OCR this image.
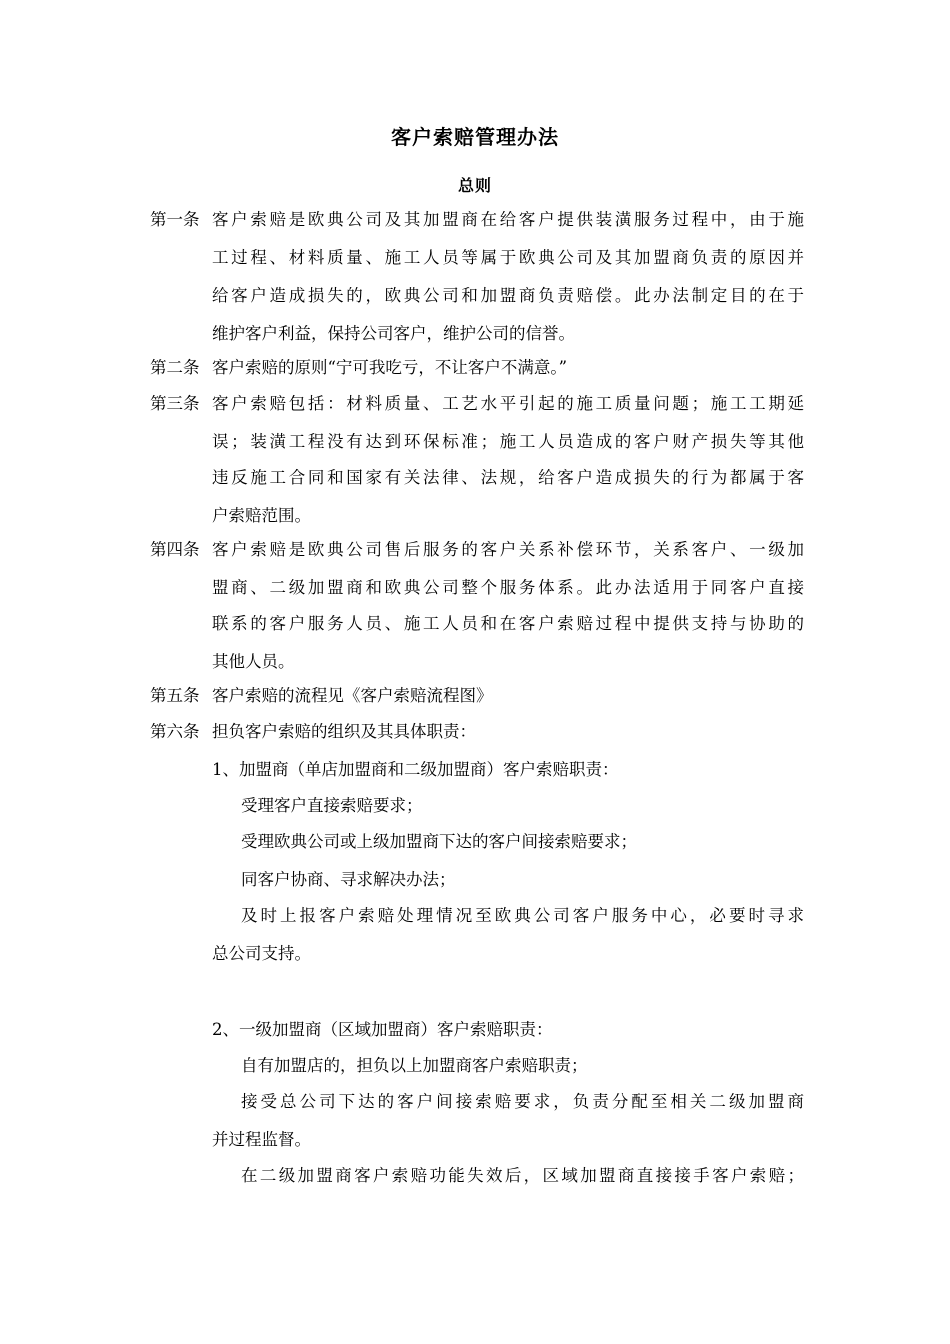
客户索赔管理办法
总则
第一条 客户索赔是欧典公司及其加盟商在给客户提供装潢服务过程中，由于施
工过程、材料质量、施工人员等属于欧典公司及其加盟商负责的原因并
给客户造成损失的，欧典公司和加盟商负责赔偿。此办法制定目的在于
维护客户利益，保持公司客户，维护公司的信誉。
第二条 客户索赔的原则“宁可我吃亏，不让客户不满意。”
第三条 客户索赔包括：材料质量、工艺水平引起的施工质量问题；施工工期延
误；装潢工程没有达到环保标准；施工人员造成的客户财产损失等其他
违反施工合同和国家有关法律、法规，给客户造成损失的行为都属于客
户索赔范围。
第四条 客户索赔是欧典公司售后服务的客户关系补偿环节，关系客户、一级加
盟商、二级加盟商和欧典公司整个服务体系。此办法适用于同客户直接
联系的客户服务人员、施工人员和在客户索赔过程中提供支持与协助的
其他人员。
第五条 客户索赔的流程见《客户索赔流程图》
第六条 担负客户索赔的组织及其具体职责：
1、加盟商（单店加盟商和二级加盟商）客户索赔职责：
受理客户直接索赔要求；
受理欧典公司或上级加盟商下达的客户间接索赔要求；
同客户协商、寻求解决办法；
及时上报客户索赔处理情况至欧典公司客户服务中心，必要时寻求
总公司支持。
2、一级加盟商（区域加盟商）客户索赔职责：
自有加盟店的，担负以上加盟商客户索赔职责；
接受总公司下达的客户间接索赔要求，负责分配至相关二级加盟商
并过程监督。
在二级加盟商客户索赔功能失效后，区域加盟商直接接手客户索赔；
